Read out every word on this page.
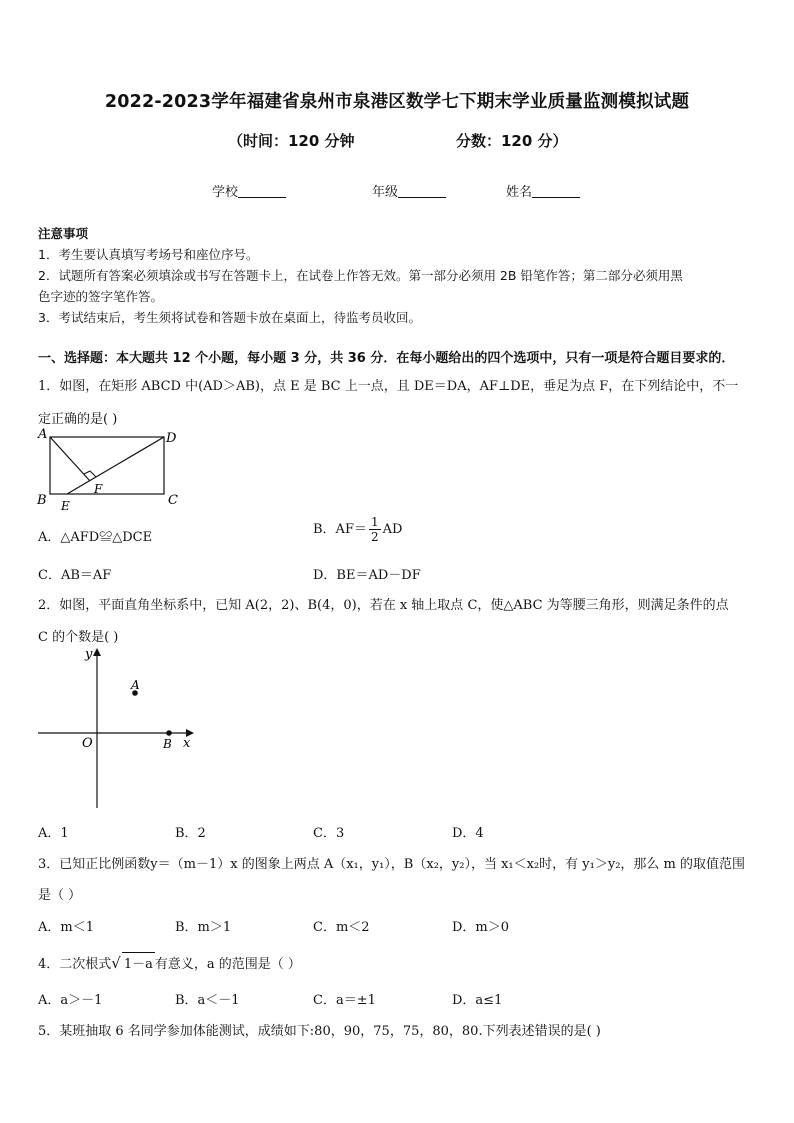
2022-2023学年福建省泉州市泉港区数学七下期末学业质量监测模拟试题
（时间：120 分钟	分数：120 分）
学校	年级	姓名
注意事项
1．考生要认真填写考场号和座位序号。
2．试题所有答案必须填涂或书写在答题卡上，在试卷上作答无效。第一部分必须用 2B 铅笔作答；第二部分必须用黑
色字迹的签字笔作答。
3．考试结束后，考生须将试卷和答题卡放在桌面上，待监考员收回。
一、选择题：本大题共 12 个小题，每小题 3 分，共 36 分．在每小题给出的四个选项中，只有一项是符合题目要求的．
1．如图，在矩形 ABCD 中(AD＞AB)，点 E 是 BC 上一点，且 DE＝DA，AF⊥DE，垂足为点 F，在下列结论中，不一
定正确的是( )
A	D
B	C
E
F
A．△AFD≌△DCE
B．$AF= \frac{1}{2}$ AD
C．AB＝AF	D．BE＝AD－DF
2．如图，平面直角坐标系中，已知 A(2，2)、B(4，0)，若在 x 轴上取点 C，使△ABC 为等腰三角形，则满足条件的点
C 的个数是( )
y
x
O
A
B
A．1	B．2	C．3	D．4
3．已知正比例函数y＝（m－1）x 的图象上两点 A（x₁，y₁），B（x₂，y₂），当 x₁＜x₂时，有 y₁＞y₂，那么 m 的取值范围
是（ ）
A．m＜1	B．m＞1	C．m＜2	D．m＞0
4．二次根式√ 1－a 有意义，a 的范围是（ ）
A．a＞－1	B．a＜－1	C．a＝±1	D．a≤1
5．某班抽取 6 名同学参加体能测试，成绩如下:80，90，75，75，80，80.下列表述错误的是( )
